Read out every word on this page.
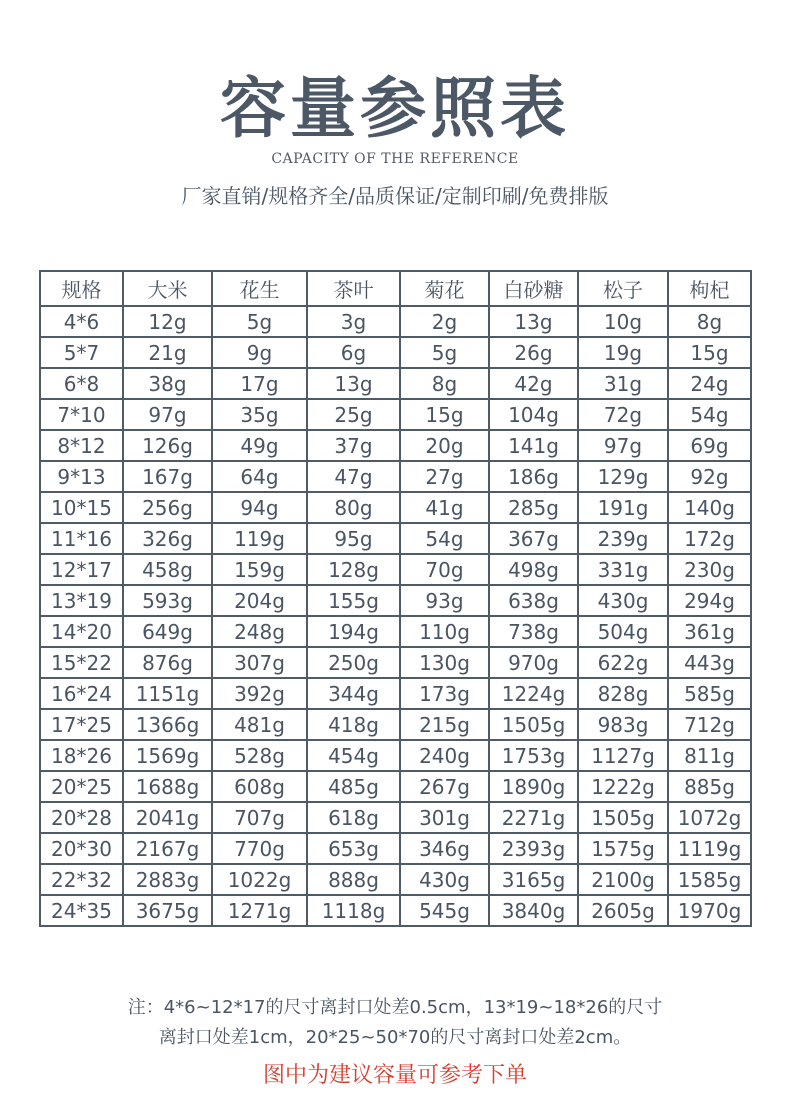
容量参照表
CAPACITY OF THE REFERENCE
厂家直销/规格齐全/品质保证/定制印刷/免费排版
规格	大米	花生	茶叶	菊花	白砂糖	松子	枸杞
4*6	12g	5g	3g	2g	13g	10g	8g
5*7	21g	9g	6g	5g	26g	19g	15g
6*8	38g	17g	13g	8g	42g	31g	24g
7*10	97g	35g	25g	15g	104g	72g	54g
8*12	126g	49g	37g	20g	141g	97g	69g
9*13	167g	64g	47g	27g	186g	129g	92g
10*15	256g	94g	80g	41g	285g	191g	140g
11*16	326g	119g	95g	54g	367g	239g	172g
12*17	458g	159g	128g	70g	498g	331g	230g
13*19	593g	204g	155g	93g	638g	430g	294g
14*20	649g	248g	194g	110g	738g	504g	361g
15*22	876g	307g	250g	130g	970g	622g	443g
16*24	1151g	392g	344g	173g	1224g	828g	585g
17*25	1366g	481g	418g	215g	1505g	983g	712g
18*26	1569g	528g	454g	240g	1753g	1127g	811g
20*25	1688g	608g	485g	267g	1890g	1222g	885g
20*28	2041g	707g	618g	301g	2271g	1505g	1072g
20*30	2167g	770g	653g	346g	2393g	1575g	1119g
22*32	2883g	1022g	888g	430g	3165g	2100g	1585g
24*35	3675g	1271g	1118g	545g	3840g	2605g	1970g
注：4*6~12*17的尺寸离封口处差0.5cm，13*19~18*26的尺寸
离封口处差1cm，20*25~50*70的尺寸离封口处差2cm。
图中为建议容量可参考下单
